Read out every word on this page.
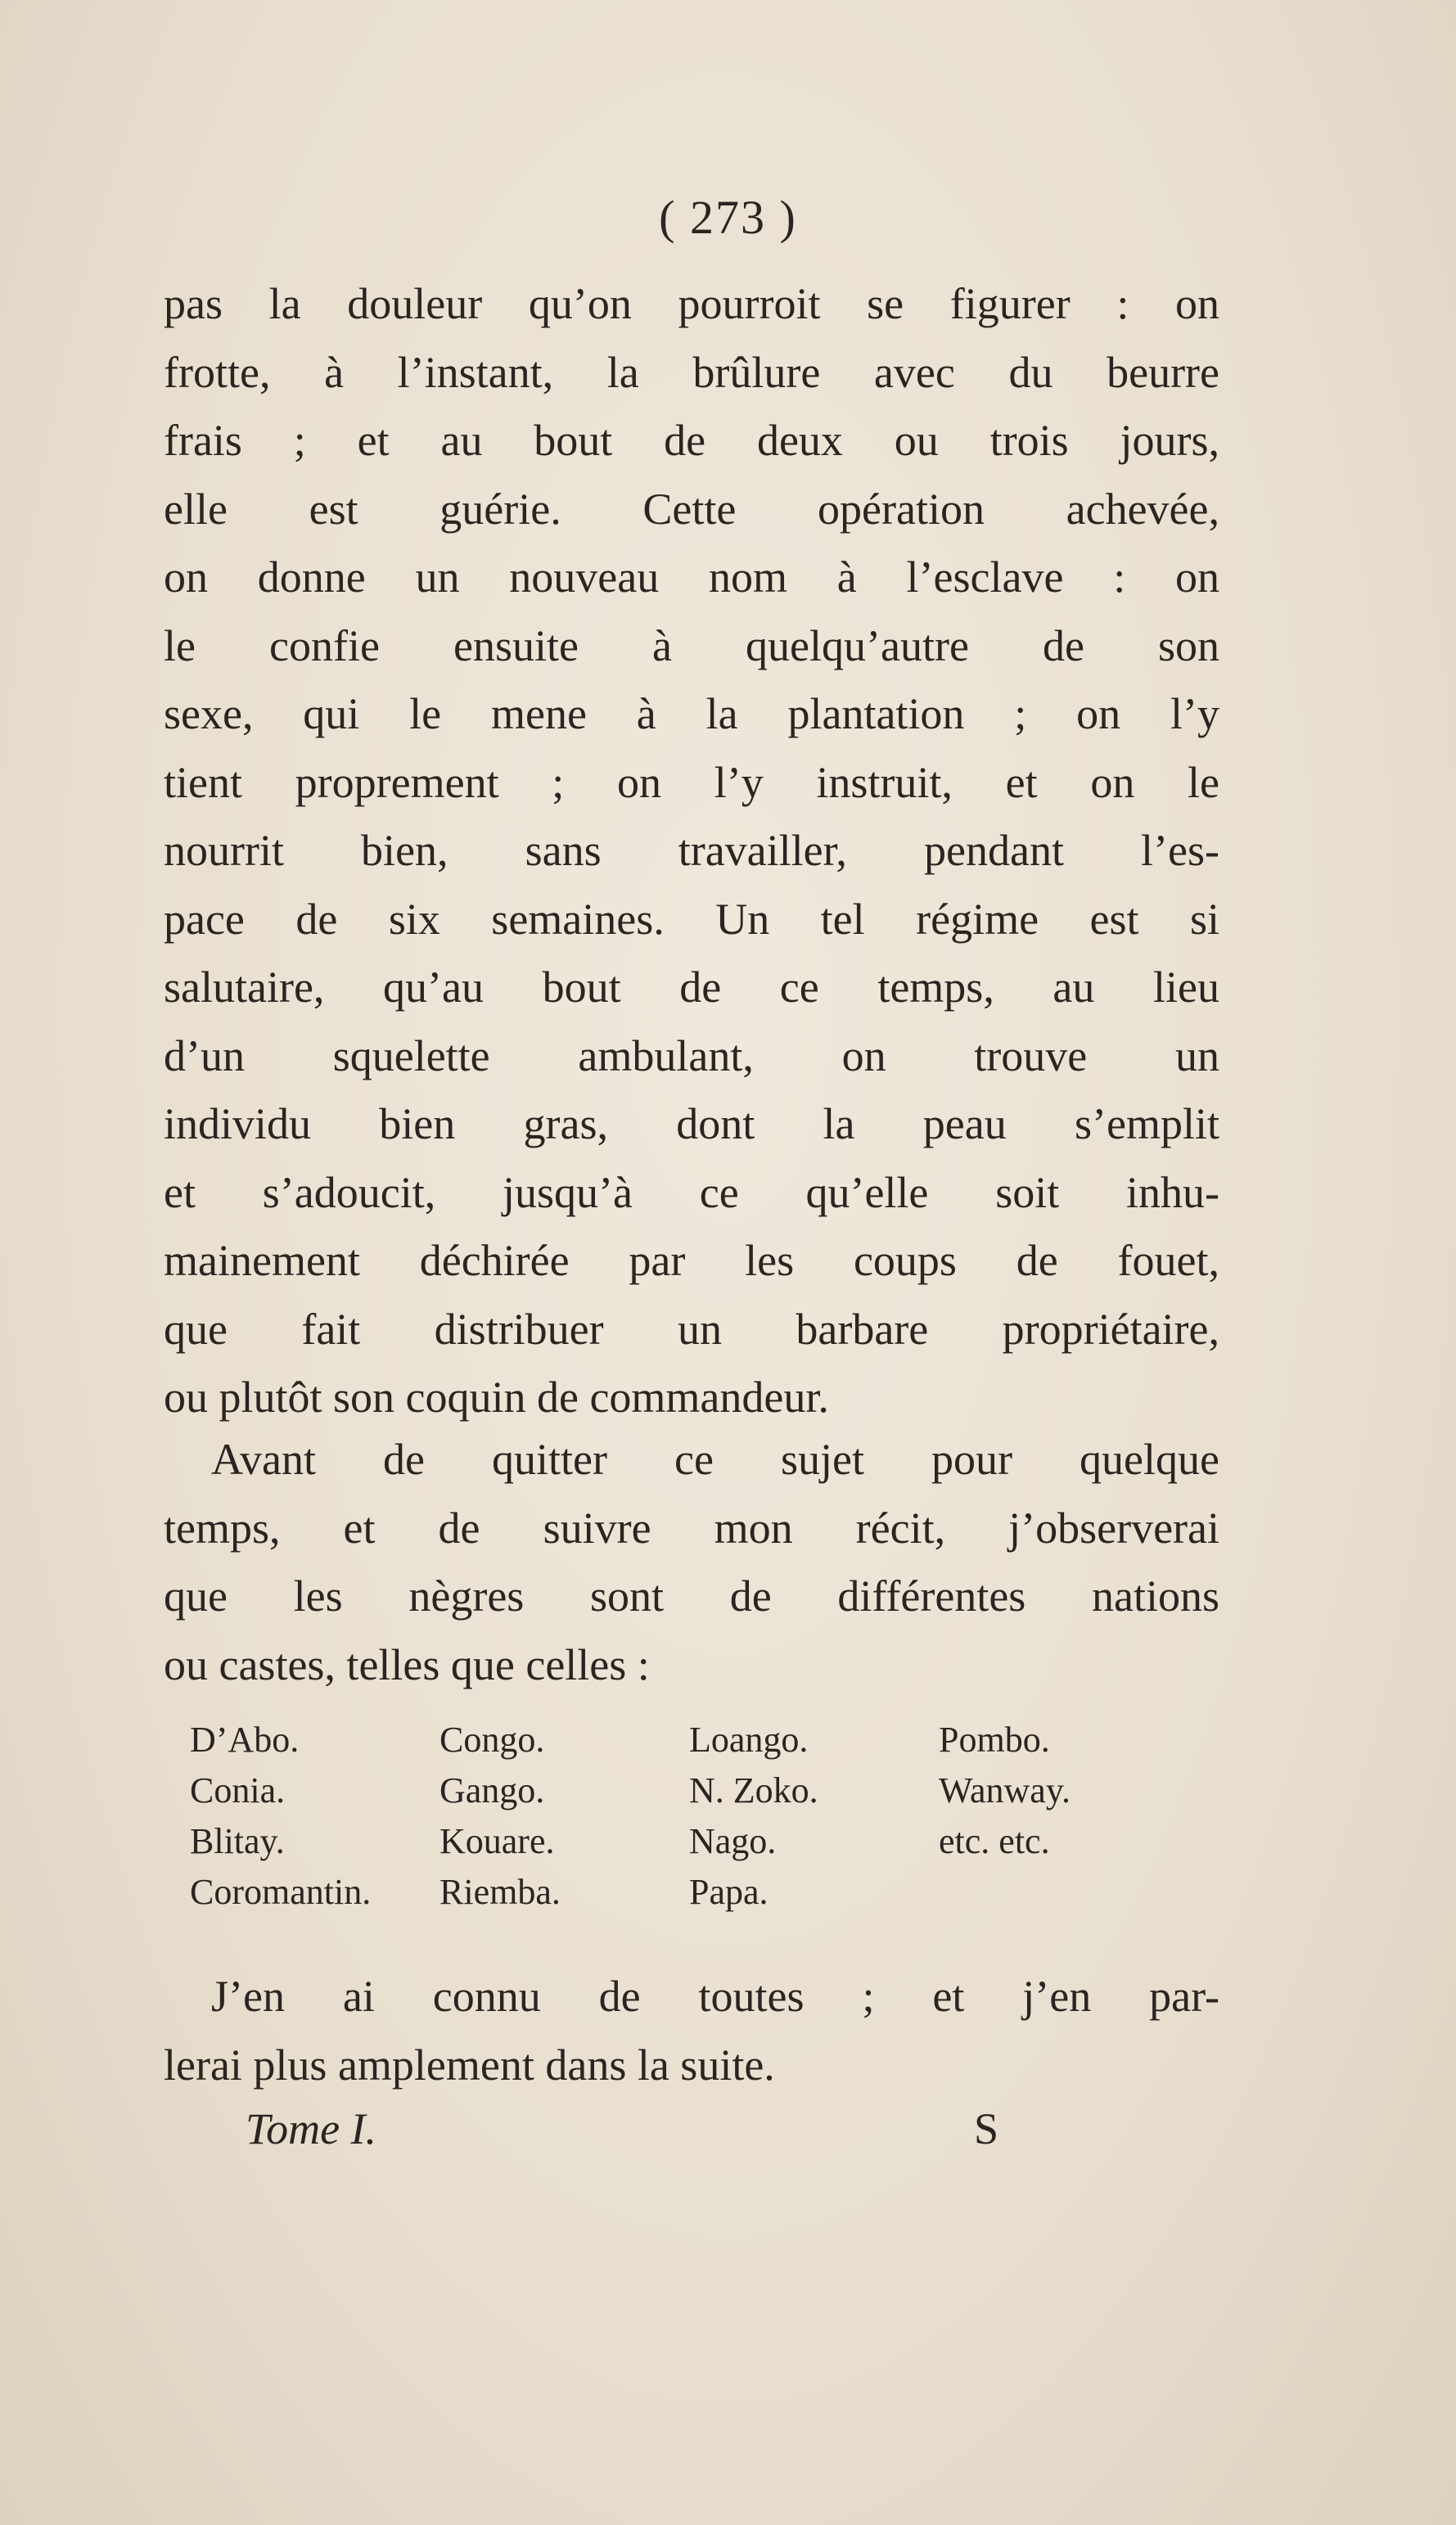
( 273 )
pas la douleur qu’on pourroit se figurer : on
frotte, à l’instant, la brûlure avec du beurre
frais ; et au bout de deux ou trois jours,
elle est guérie. Cette opération achevée,
on donne un nouveau nom à l’esclave : on
le confie ensuite à quelqu’autre de son
sexe, qui le mene à la plantation ; on l’y
tient proprement ; on l’y instruit, et on le
nourrit bien, sans travailler, pendant l’es-
pace de six semaines. Un tel régime est si
salutaire, qu’au bout de ce temps, au lieu
d’un squelette ambulant, on trouve un
individu bien gras, dont la peau s’emplit
et s’adoucit, jusqu’à ce qu’elle soit inhu-
mainement déchirée par les coups de fouet,
que fait distribuer un barbare propriétaire,
ou plutôt son coquin de commandeur.
Avant de quitter ce sujet pour quelque
temps, et de suivre mon récit, j’observerai
que les nègres sont de différentes nations
ou castes, telles que celles :
D’Abo.	Congo.	Loango.	Pombo.
Conia.	Gango.	N. Zoko.	Wanway.
Blitay.	Kouare.	Nago.	etc. etc.
Coromantin.	Riemba.	Papa.
J’en ai connu de toutes ; et j’en par-
lerai plus amplement dans la suite.
Tome I.	S
